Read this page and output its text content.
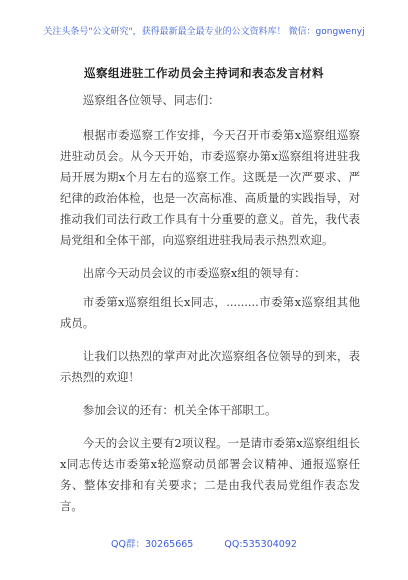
关注头条号"公文研究"，获得最新最全最专业的公文资料库！ 微信：gongwenyj
巡察组进驻工作动员会主持词和表态发言材料

巡察组各位领导、同志们：

根据市委巡察工作安排，今天召开市委第x巡察组巡察进驻动员会。从今天开始，市委巡察办第x巡察组将进驻我局开展为期x个月左右的巡察工作。这既是一次严要求、严纪律的政治体检，也是一次高标准、高质量的实践指导，对推动我们司法行政工作具有十分重要的意义。首先，我代表局党组和全体干部，向巡察组进驻我局表示热烈欢迎。

出席今天动员会议的市委巡察x组的领导有：

市委第x巡察组组长x同志，.........市委第x巡察组其他成员。

让我们以热烈的掌声对此次巡察组各位领导的到来，表示热烈的欢迎！

参加会议的还有：机关全体干部职工。

今天的会议主要有2项议程。一是请市委第x巡察组组长x同志传达市委第x轮巡察动员部署会议精神、通报巡察任务、整体安排和有关要求；二是由我代表局党组作表态发言。

QQ群：30265665	QQ:535304092
